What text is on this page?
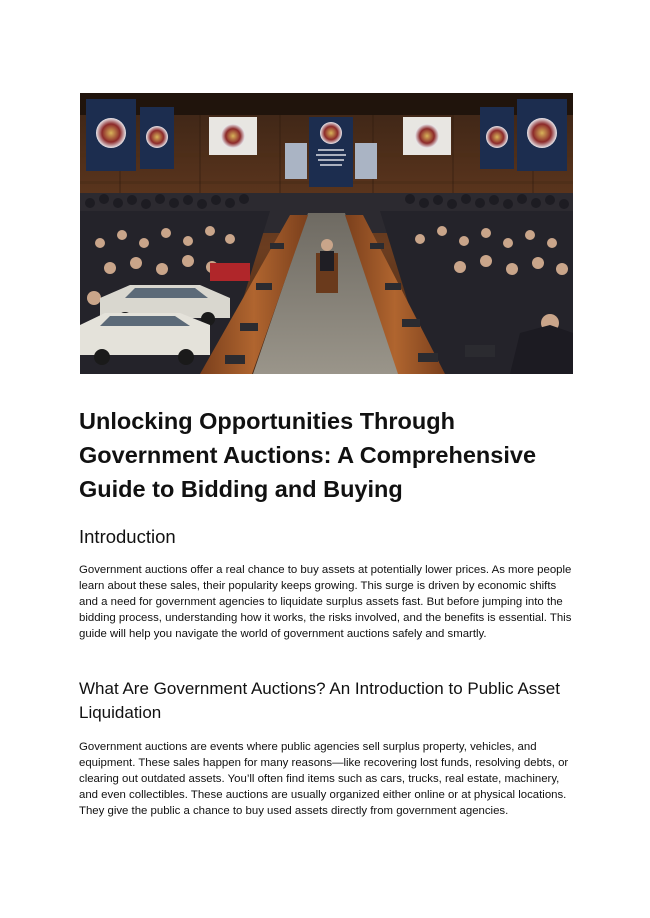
Unlocking Opportunities Through Government Auctions: A Comprehensive Guide to Bidding and Buying
Introduction

Government auctions offer a real chance to buy assets at potentially lower prices. As more people learn about these sales, their popularity keeps growing. This surge is driven by economic shifts and a need for government agencies to liquidate surplus assets fast. But before jumping into the bidding process, understanding how it works, the risks involved, and the benefits is essential. This guide will help you navigate the world of government auctions safely and smartly.

What Are Government Auctions? An Introduction to Public Asset Liquidation

Government auctions are events where public agencies sell surplus property, vehicles, and equipment. These sales happen for many reasons—like recovering lost funds, resolving debts, or clearing out outdated assets. You’ll often find items such as cars, trucks, real estate, machinery, and even collectibles. These auctions are usually organized either online or at physical locations. They give the public a chance to buy used assets directly from government agencies.
